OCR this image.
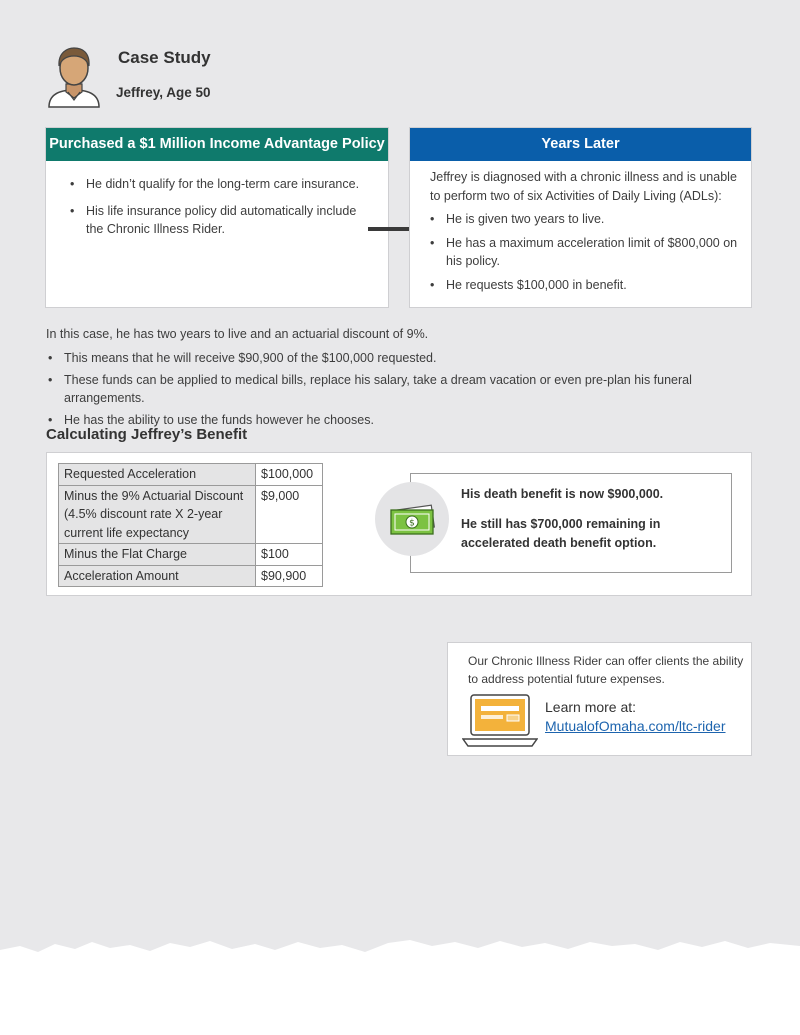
Case Study
Jeffrey, Age 50
Purchased a $1 Million Income Advantage Policy
• He didn’t qualify for the long-term care insurance.
• His life insurance policy did automatically include the Chronic Illness Rider.
Years Later
Jeffrey is diagnosed with a chronic illness and is unable to perform two of six Activities of Daily Living (ADLs):
• He is given two years to live.
• He has a maximum acceleration limit of $800,000 on his policy.
• He requests $100,000 in benefit.
In this case, he has two years to live and an actuarial discount of 9%.
• This means that he will receive $90,900 of the $100,000 requested.
• These funds can be applied to medical bills, replace his salary, take a dream vacation or even pre-plan his funeral arrangements.
• He has the ability to use the funds however he chooses.
Calculating Jeffrey’s Benefit
Requested Acceleration	$100,000
Minus the 9% Actuarial Discount (4.5% discount rate X 2-year current life expectancy	$9,000
Minus the Flat Charge	$100
Acceleration Amount	$90,900

His death benefit is now $900,000.

He still has $700,000 remaining in accelerated death benefit option.

$
Our Chronic Illness Rider can offer clients the ability to address potential future expenses.
Learn more at:
MutualofOmaha.com/ltc-rider
